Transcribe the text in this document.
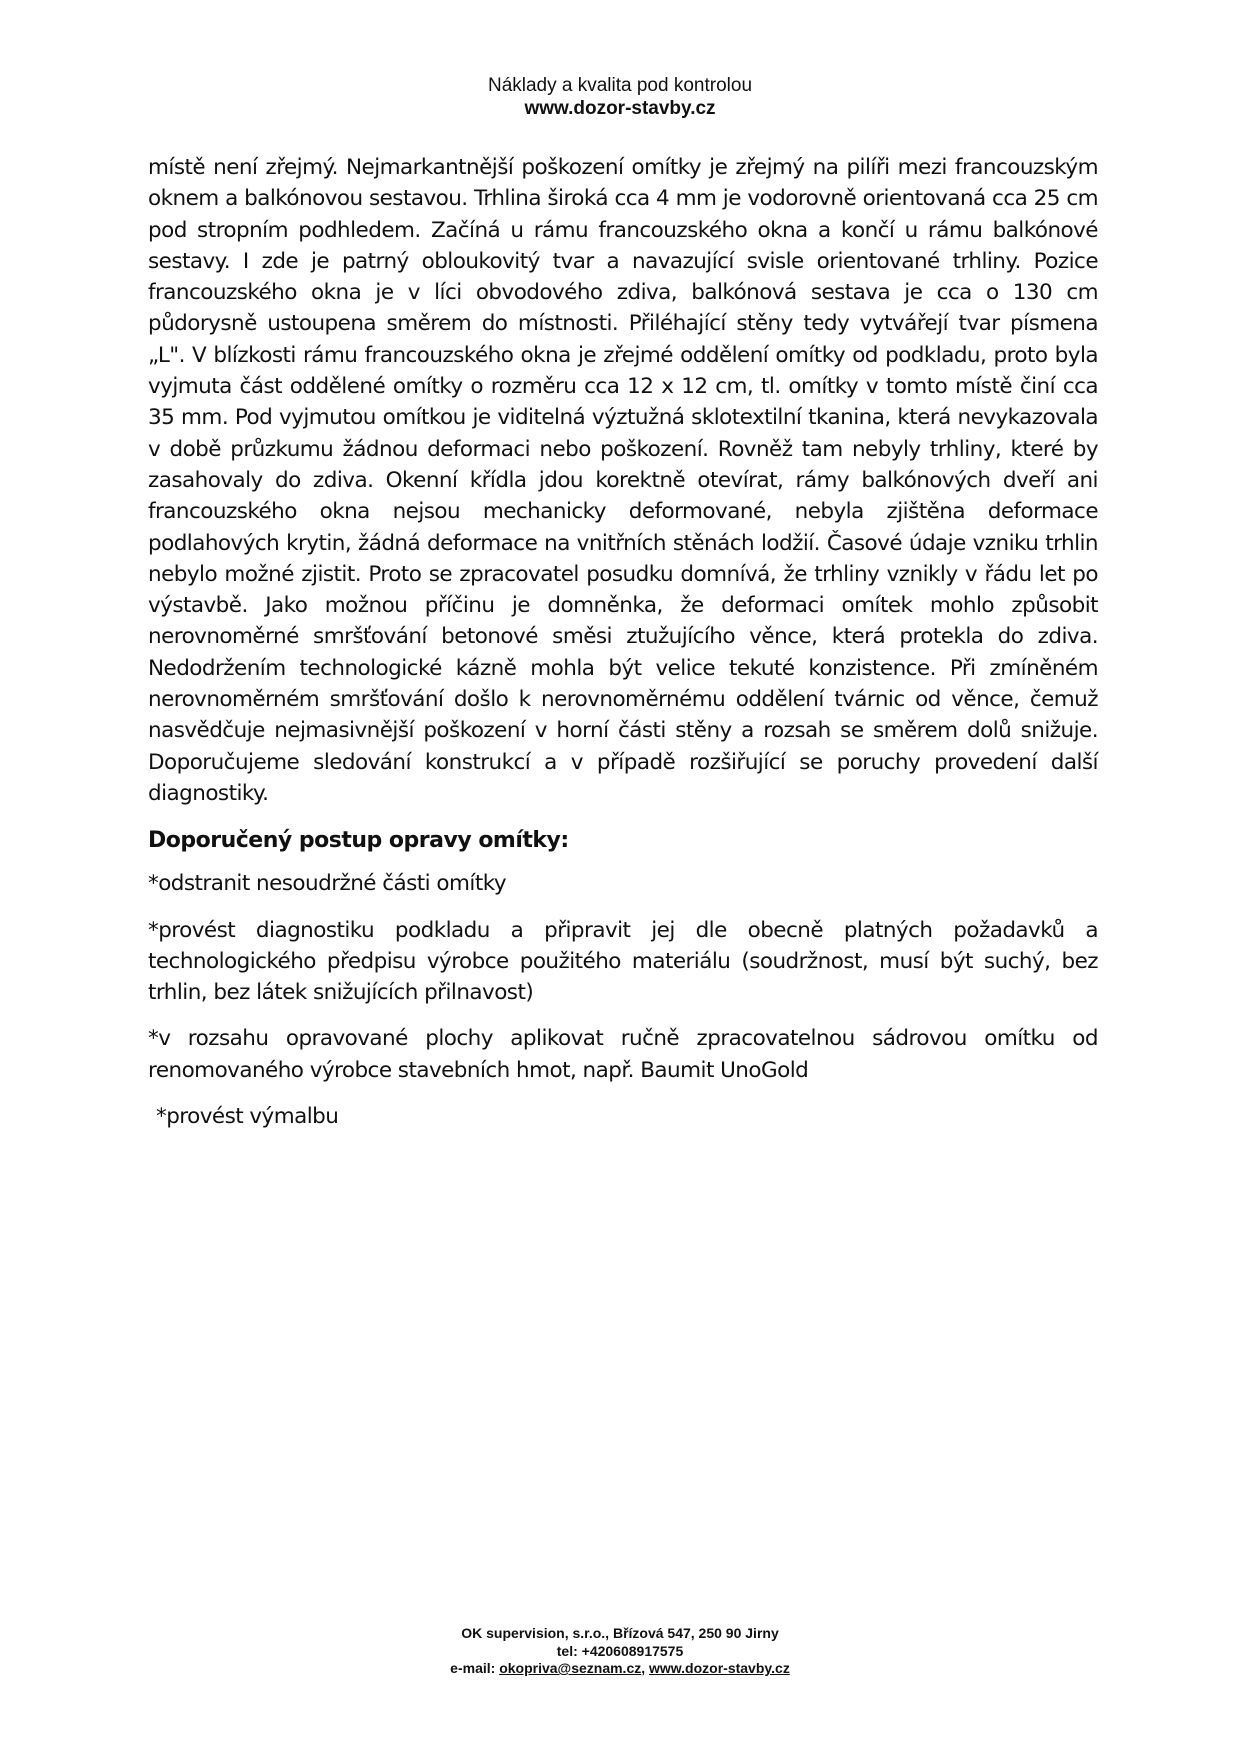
Náklady a kvalita pod kontrolou
www.dozor-stavby.cz

místě není zřejmý. Nejmarkantnější poškození omítky je zřejmý na pilíři mezi francouzským oknem a balkónovou sestavou. Trhlina široká cca 4 mm je vodorovně orientovaná cca 25 cm pod stropním podhledem. Začíná u rámu francouzského okna a končí u rámu balkónové sestavy. I zde je patrný obloukovitý tvar a navazující svisle orientované trhliny. Pozice francouzského okna je v líci obvodového zdiva, balkónová sestava je cca o 130 cm půdorysně ustoupena směrem do místnosti. Přiléhající stěny tedy vytvářejí tvar písmena „L". V blízkosti rámu francouzského okna je zřejmé oddělení omítky od podkladu, proto byla vyjmuta část oddělené omítky o rozměru cca 12 x 12 cm, tl. omítky v tomto místě činí cca 35 mm. Pod vyjmutou omítkou je viditelná výztužná sklotextilní tkanina, která nevykazovala v době průzkumu žádnou deformaci nebo poškození. Rovněž tam nebyly trhliny, které by zasahovaly do zdiva. Okenní křídla jdou korektně otevírat, rámy balkónových dveří ani francouzského okna nejsou mechanicky deformované, nebyla zjištěna deformace podlahových krytin, žádná deformace na vnitřních stěnách lodžií. Časové údaje vzniku trhlin nebylo možné zjistit. Proto se zpracovatel posudku domnívá, že trhliny vznikly v řádu let po výstavbě. Jako možnou příčinu je domněnka, že deformaci omítek mohlo způsobit nerovnoměrné smršťování betonové směsi ztužujícího věnce, která protekla do zdiva. Nedodržením technologické kázně mohla být velice tekuté konzistence. Při zmíněném nerovnoměrném smršťování došlo k nerovnoměrnému oddělení tvárnic od věnce, čemuž nasvědčuje nejmasivnější poškození v horní části stěny a rozsah se směrem dolů snižuje. Doporučujeme sledování konstrukcí a v případě rozšiřující se poruchy provedení další diagnostiky.

Doporučený postup opravy omítky:

*odstranit nesoudržné části omítky

*provést diagnostiku podkladu a připravit jej dle obecně platných požadavků a technologického předpisu výrobce použitého materiálu (soudržnost, musí být suchý, bez trhlin, bez látek snižujících přilnavost)

*v rozsahu opravované plochy aplikovat ručně zpracovatelnou sádrovou omítku od renomovaného výrobce stavebních hmot, např. Baumit UnoGold

*provést výmalbu

OK supervision, s.r.o., Břízová 547, 250 90 Jirny
tel: +420608917575
e-mail: okopriva@seznam.cz, www.dozor-stavby.cz
